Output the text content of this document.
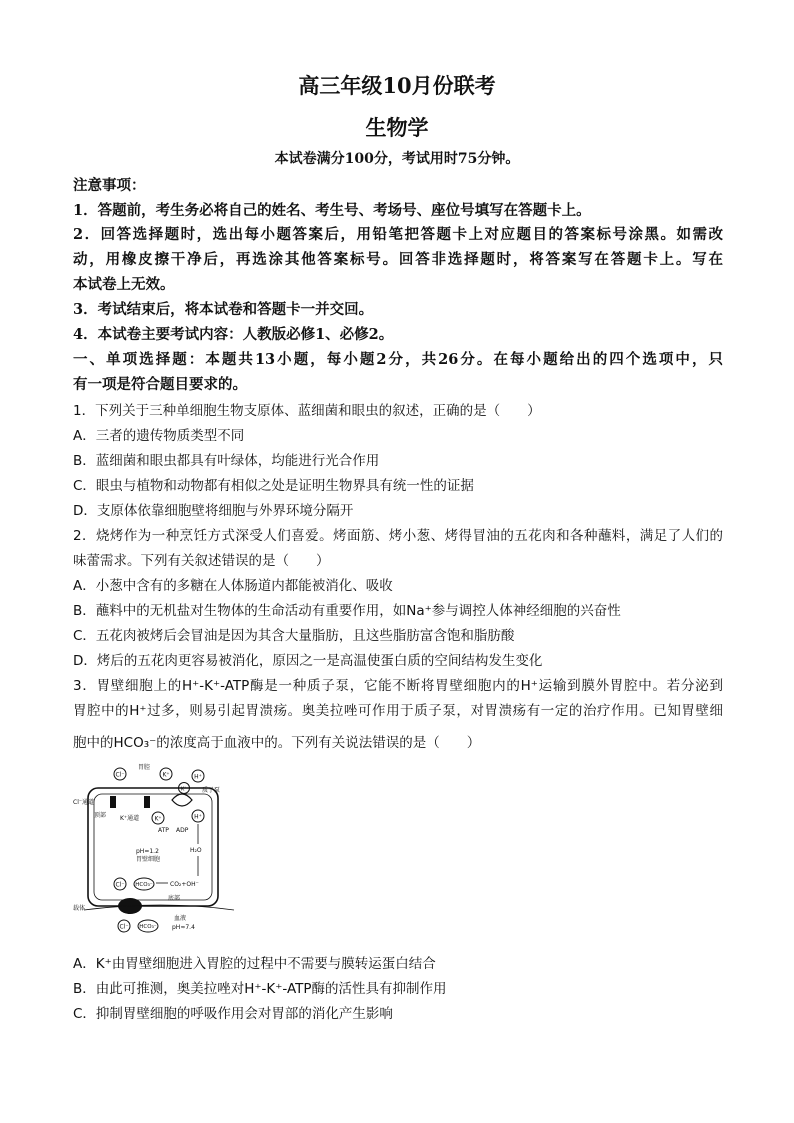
高三年级10月份联考
生物学
本试卷满分100分，考试用时75分钟。
注意事项：
1．答题前，考生务必将自己的姓名、考生号、考场号、座位号填写在答题卡上。
2．回答选择题时，选出每小题答案后，用铅笔把答题卡上对应题目的答案标号涂黑。如需改
动，用橡皮擦干净后，再选涂其他答案标号。回答非选择题时，将答案写在答题卡上。写在
本试卷上无效。
3．考试结束后，将本试卷和答题卡一并交回。
4．本试卷主要考试内容：人教版必修1、必修2。
一、单项选择题：本题共13小题，每小题2分，共26分。在每小题给出的四个选项中，只
有一项是符合题目要求的。
1．下列关于三种单细胞生物支原体、蓝细菌和眼虫的叙述，正确的是（　　）
A．三者的遗传物质类型不同
B．蓝细菌和眼虫都具有叶绿体，均能进行光合作用
C．眼虫与植物和动物都有相似之处是证明生物界具有统一性的证据
D．支原体依靠细胞壁将细胞与外界环境分隔开
2．烧烤作为一种烹饪方式深受人们喜爱。烤面筋、烤小葱、烤得冒油的五花肉和各种蘸料，满足了人们的
味蕾需求。下列有关叙述错误的是（　　）
A．小葱中含有的多糖在人体肠道内都能被消化、吸收
B．蘸料中的无机盐对生物体的生命活动有重要作用，如Na⁺参与调控人体神经细胞的兴奋性
C．五花肉被烤后会冒油是因为其含大量脂肪，且这些脂肪富含饱和脂肪酸
D．烤后的五花肉更容易被消化，原因之一是高温使蛋白质的空间结构发生变化
3．胃壁细胞上的H⁺-K⁺-ATP酶是一种质子泵，它能不断将胃壁细胞内的H⁺运输到膜外胃腔中。若分泌到
胃腔中的H⁺过多，则易引起胃溃疡。奥美拉唑可作用于质子泵，对胃溃疡有一定的治疗作用。已知胃壁细
胞中的HCO₃⁻的浓度高于血液中的。下列有关说法错误的是（　　）
Cl⁻	K⁺	H⁺
K⁺
K⁺	H⁺
胃腔
质子泵
Cl⁻通道
顶部 K⁺通道
ATP ADP
pH=1.2
胃壁细胞
H₂O
Cl⁻ HCO₃⁻	CO₂+OH⁻
底部
载体
Cl⁻ HCO₃⁻
血液
pH≈7.4
A．K⁺由胃壁细胞进入胃腔的过程中不需要与膜转运蛋白结合
B．由此可推测，奥美拉唑对H⁺-K⁺-ATP酶的活性具有抑制作用
C．抑制胃壁细胞的呼吸作用会对胃部的消化产生影响
